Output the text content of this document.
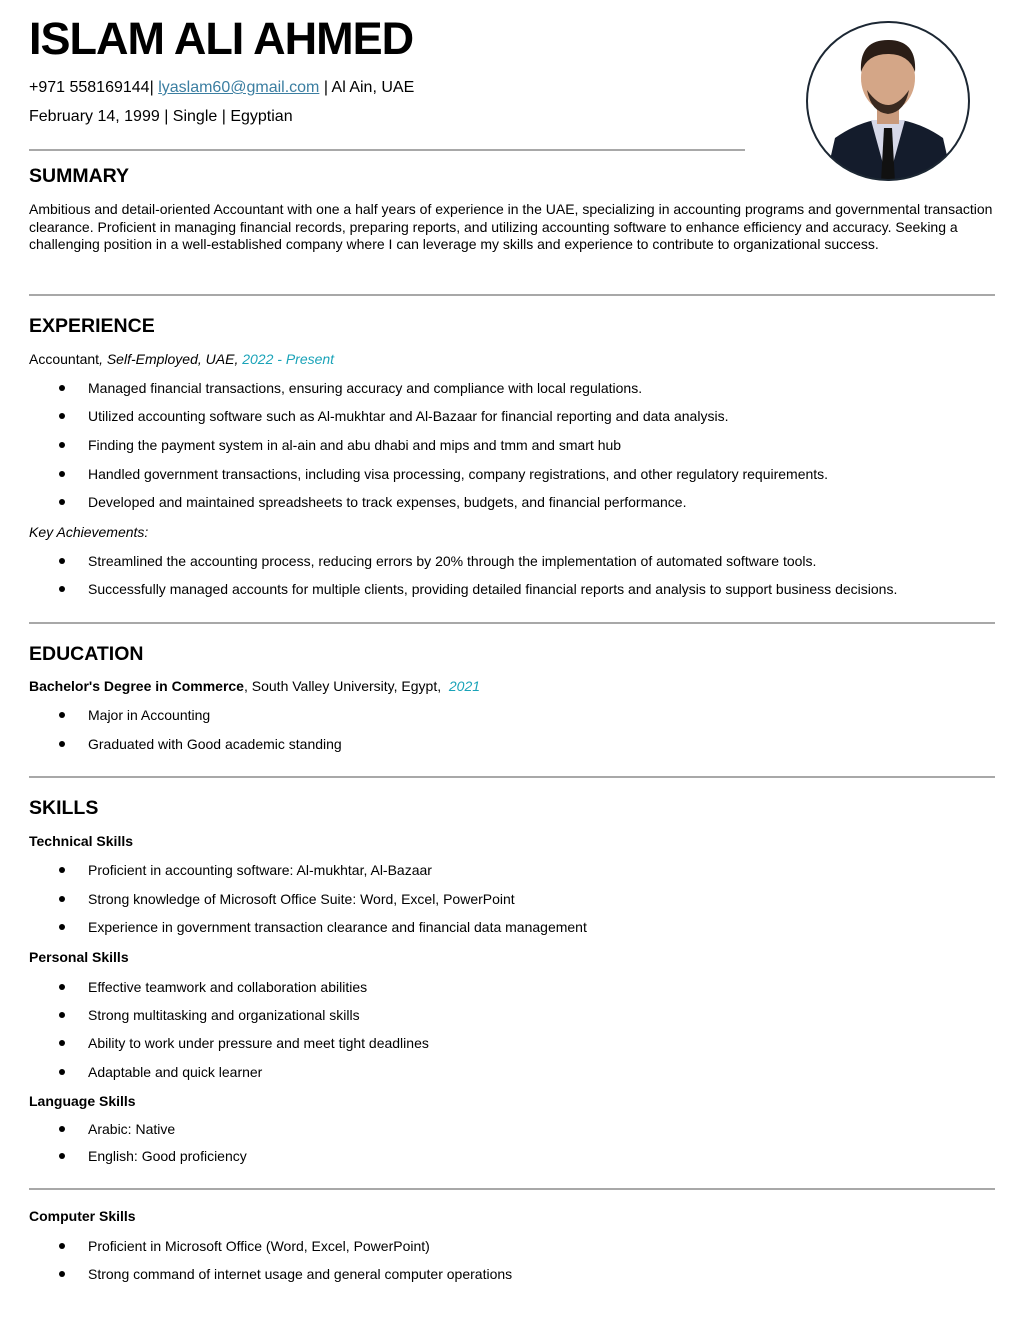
ISLAM ALI AHMED
+971 558169144| lyaslam60@gmail.com | Al Ain, UAE
February 14, 1999 | Single | Egyptian
SUMMARY
Ambitious and detail-oriented Accountant with one a half years of experience in the UAE, specializing in accounting programs and governmental transaction clearance. Proficient in managing financial records, preparing reports, and utilizing accounting software to enhance efficiency and accuracy. Seeking a challenging position in a well-established company where I can leverage my skills and experience to contribute to organizational success.
EXPERIENCE
Accountant, Self-Employed, UAE, 2022 - Present
Managed financial transactions, ensuring accuracy and compliance with local regulations.
Utilized accounting software such as Al-mukhtar and Al-Bazaar for financial reporting and data analysis.
Finding the payment system in al-ain and abu dhabi and mips and tmm and smart hub
Handled government transactions, including visa processing, company registrations, and other regulatory requirements.
Developed and maintained spreadsheets to track expenses, budgets, and financial performance.
Key Achievements:
Streamlined the accounting process, reducing errors by 20% through the implementation of automated software tools.
Successfully managed accounts for multiple clients, providing detailed financial reports and analysis to support business decisions.
EDUCATION
Bachelor's Degree in Commerce, South Valley University, Egypt,  2021
Major in Accounting
Graduated with Good academic standing
SKILLS
Technical Skills
Proficient in accounting software: Al-mukhtar, Al-Bazaar
Strong knowledge of Microsoft Office Suite: Word, Excel, PowerPoint
Experience in government transaction clearance and financial data management
Personal Skills
Effective teamwork and collaboration abilities
Strong multitasking and organizational skills
Ability to work under pressure and meet tight deadlines
Adaptable and quick learner
Language Skills
Arabic: Native
English: Good proficiency
Computer Skills
Proficient in Microsoft Office (Word, Excel, PowerPoint)
Strong command of internet usage and general computer operations
